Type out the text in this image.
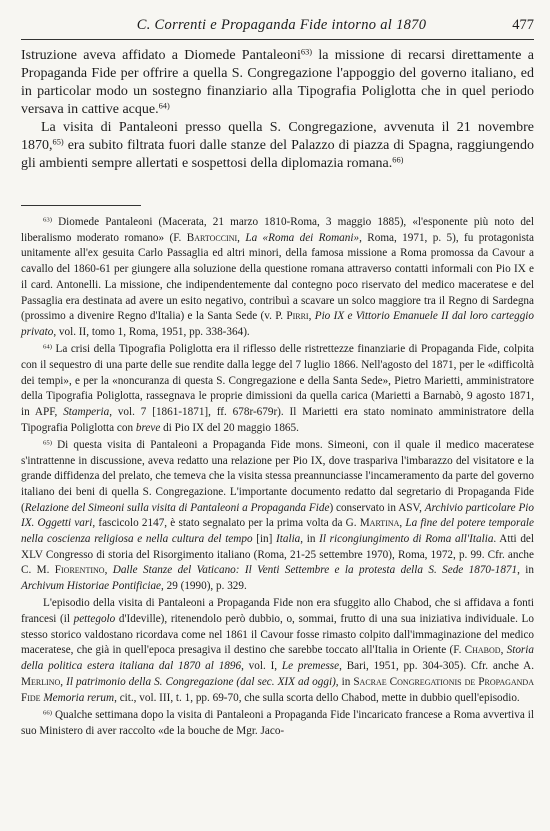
C. Correnti e Propaganda Fide intorno al 1870	477

Istruzione aveva affidato a Diomede Pantaleoni$^{63)}$ la missione di recarsi direttamente a Propaganda Fide per offrire a quella S. Congregazione l'appoggio del governo italiano, ed in particolar modo un sostegno finanziario alla Tipografia Poliglotta che in quel periodo versava in cattive acque.$^{64)}$

La visita di Pantaleoni presso quella S. Congregazione, avvenuta il 21 novembre 1870,$^{65)}$ era subito filtrata fuori dalle stanze del Palazzo di piazza di Spagna, raggiungendo gli ambienti sempre allertati e sospettosi della diplomazia romana.$^{66)}$

$^{63)}$ Diomede Pantaleoni (Macerata, 21 marzo 1810-Roma, 3 maggio 1885), «l'esponente più noto del liberalismo moderato romano» (F. Bartoccini, La «Roma dei Romani», Roma, 1971, p. 5), fu protagonista unitamente all'ex gesuita Carlo Passaglia ed altri minori, della famosa missione a Roma promossa da Cavour a cavallo del 1860-61 per giungere alla soluzione della questione romana attraverso contatti informali con Pio IX e il card. Antonelli. La missione, che indipendentemente dal contegno poco riservato del medico maceratese e del Passaglia era destinata ad avere un esito negativo, contribuì a scavare un solco maggiore tra il Regno di Sardegna (prossimo a divenire Regno d'Italia) e la Santa Sede (v. P. Pirri, Pio IX e Vittorio Emanuele II dal loro carteggio privato, vol. II, tomo 1, Roma, 1951, pp. 338-364).

$^{64)}$ La crisi della Tipografia Poliglotta era il riflesso delle ristrettezze finanziarie di Propaganda Fide, colpita con il sequestro di una parte delle sue rendite dalla legge del 7 luglio 1866. Nell'agosto del 1871, per le «difficoltà dei tempi», e per la «noncuranza di questa S. Congregazione e della Santa Sede», Pietro Marietti, amministratore della Tipografia Poliglotta, rassegnava le proprie dimissioni da quella carica (Marietti a Barnabò, 9 agosto 1871, in APF, Stamperia, vol. 7 [1861-1871], ff. 678r-679r). Il Marietti era stato nominato amministratore della Tipografia Poliglotta con breve di Pio IX del 20 maggio 1865.

$^{65)}$ Di questa visita di Pantaleoni a Propaganda Fide mons. Simeoni, con il quale il medico maceratese s'intrattenne in discussione, aveva redatto una relazione per Pio IX, dove traspariva l'imbarazzo del visitatore e la grande diffidenza del prelato, che temeva che la visita stessa preannunciasse l'incameramento da parte del governo italiano dei beni di quella S. Congregazione. L'importante documento redatto dal segretario di Propaganda Fide (Relazione del Simeoni sulla visita di Pantaleoni a Propaganda Fide) conservato in ASV, Archivio particolare Pio IX. Oggetti vari, fascicolo 2147, è stato segnalato per la prima volta da G. Martina, La fine del potere temporale nella coscienza religiosa e nella cultura del tempo [in] Italia, in Il ricongiungimento di Roma all'Italia. Atti del XLV Congresso di storia del Risorgimento italiano (Roma, 21-25 settembre 1970), Roma, 1972, p. 99. Cfr. anche C. M. Fiorentino, Dalle Stanze del Vaticano: Il Venti Settembre e la protesta della S. Sede 1870-1871, in Archivum Historiae Pontificiae, 29 (1990), p. 329.

L'episodio della visita di Pantaleoni a Propaganda Fide non era sfuggito allo Chabod, che si affidava a fonti francesi (il pettegolo d'Ideville), ritenendolo però dubbio, o, sommai, frutto di una sua iniziativa individuale. Lo stesso storico valdostano ricordava come nel 1861 il Cavour fosse rimasto colpito dall'immaginazione del medico maceratese, che già in quell'epoca presagiva il destino che sarebbe toccato all'Italia in Oriente (F. Chabod, Storia della politica estera italiana dal 1870 al 1896, vol. I, Le premesse, Bari, 1951, pp. 304-305). Cfr. anche A. Merlino, Il patrimonio della S. Congregazione (dal sec. XIX ad oggi), in Sacrae Congregationis de Propaganda Fide Memoria rerum, cit., vol. III, t. 1, pp. 69-70, che sulla scorta dello Chabod, mette in dubbio quell'episodio.

$^{66)}$ Qualche settimana dopo la visita di Pantaleoni a Propaganda Fide l'incaricato francese a Roma avvertiva il suo Ministero di aver raccolto «de la bouche de Mgr. Jaco-
